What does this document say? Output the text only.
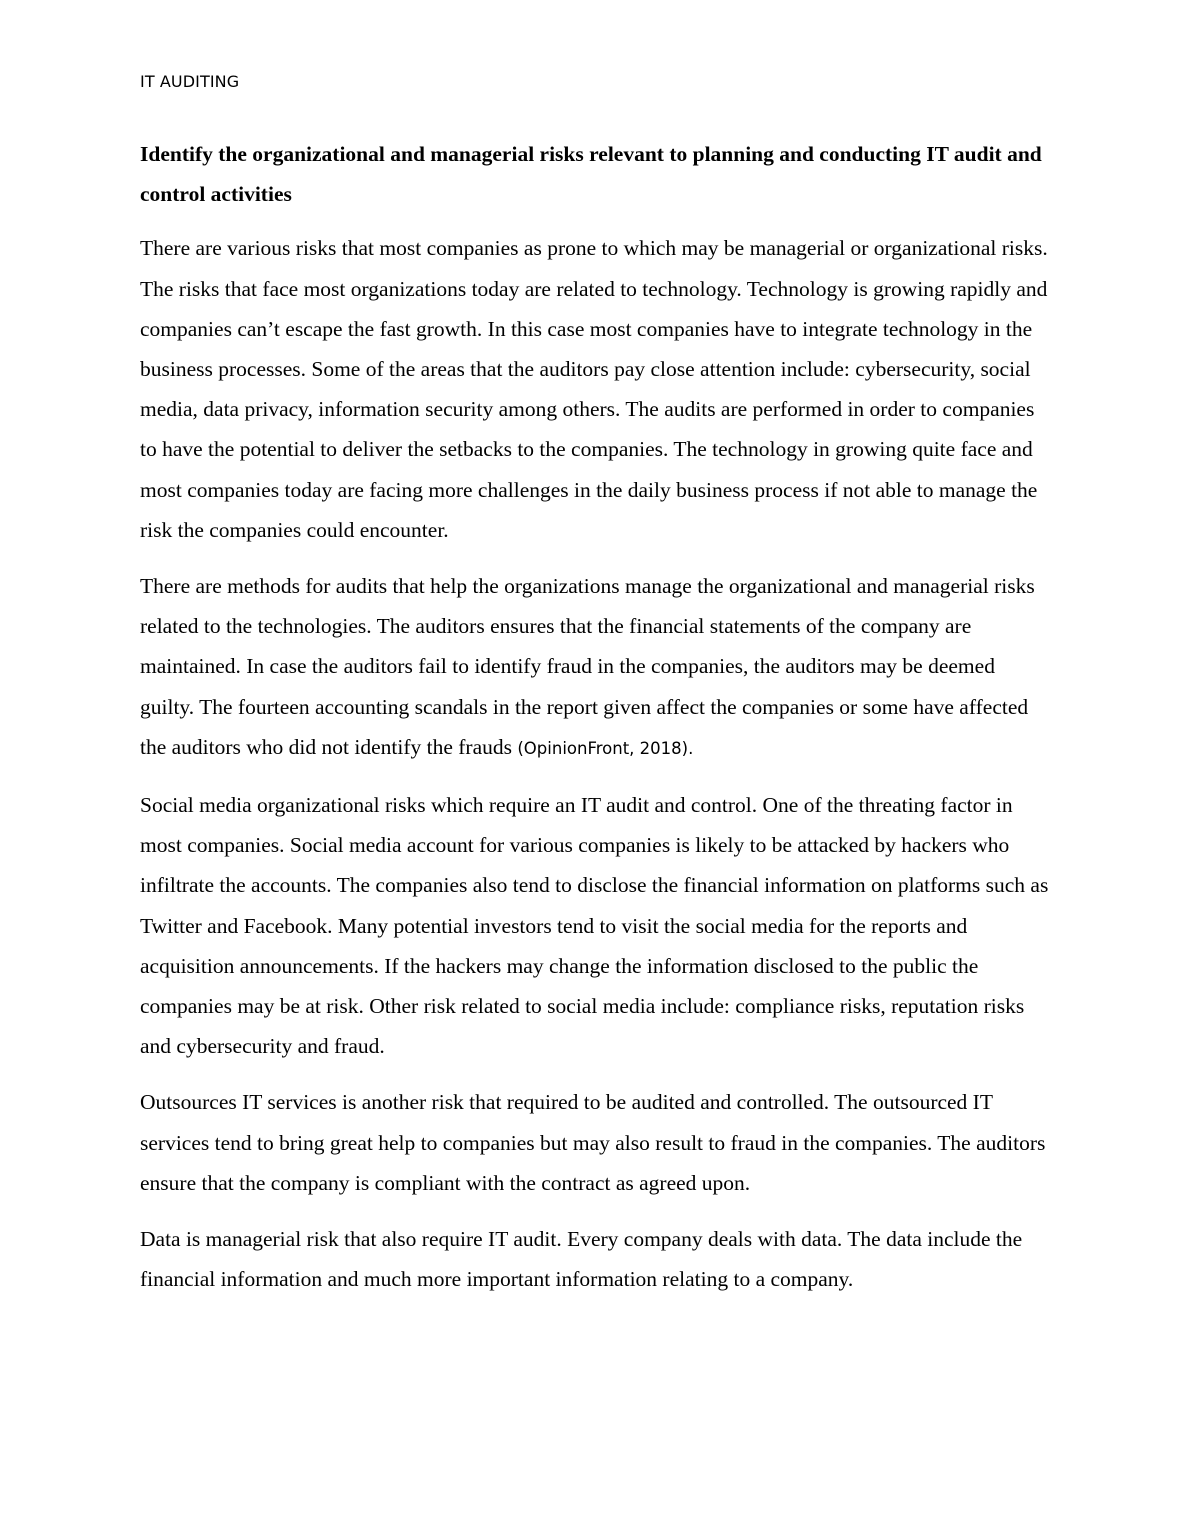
IT AUDITING
Identify the organizational and managerial risks relevant to planning and conducting IT audit and control activities

There are various risks that most companies as prone to which may be managerial or organizational risks. The risks that face most organizations today are related to technology. Technology is growing rapidly and companies can’t escape the fast growth. In this case most companies have to integrate technology in the business processes. Some of the areas that the auditors pay close attention include: cybersecurity, social media, data privacy, information security among others. The audits are performed in order to companies to have the potential to deliver the setbacks to the companies. The technology in growing quite face and most companies today are facing more challenges in the daily business process if not able to manage the risk the companies could encounter.

There are methods for audits that help the organizations manage the organizational and managerial risks related to the technologies. The auditors ensures that the financial statements of the company are maintained. In case the auditors fail to identify fraud in the companies, the auditors may be deemed guilty. The fourteen accounting scandals in the report given affect the companies or some have affected the auditors who did not identify the frauds (OpinionFront, 2018).

Social media organizational risks which require an IT audit and control. One of the threating factor in most companies. Social media account for various companies is likely to be attacked by hackers who infiltrate the accounts. The companies also tend to disclose the financial information on platforms such as Twitter and Facebook. Many potential investors tend to visit the social media for the reports and acquisition announcements. If the hackers may change the information disclosed to the public the companies may be at risk. Other risk related to social media include: compliance risks, reputation risks and cybersecurity and fraud.

Outsources IT services is another risk that required to be audited and controlled. The outsourced IT services tend to bring great help to companies but may also result to fraud in the companies. The auditors ensure that the company is compliant with the contract as agreed upon.

Data is managerial risk that also require IT audit. Every company deals with data. The data include the financial information and much more important information relating to a company.
